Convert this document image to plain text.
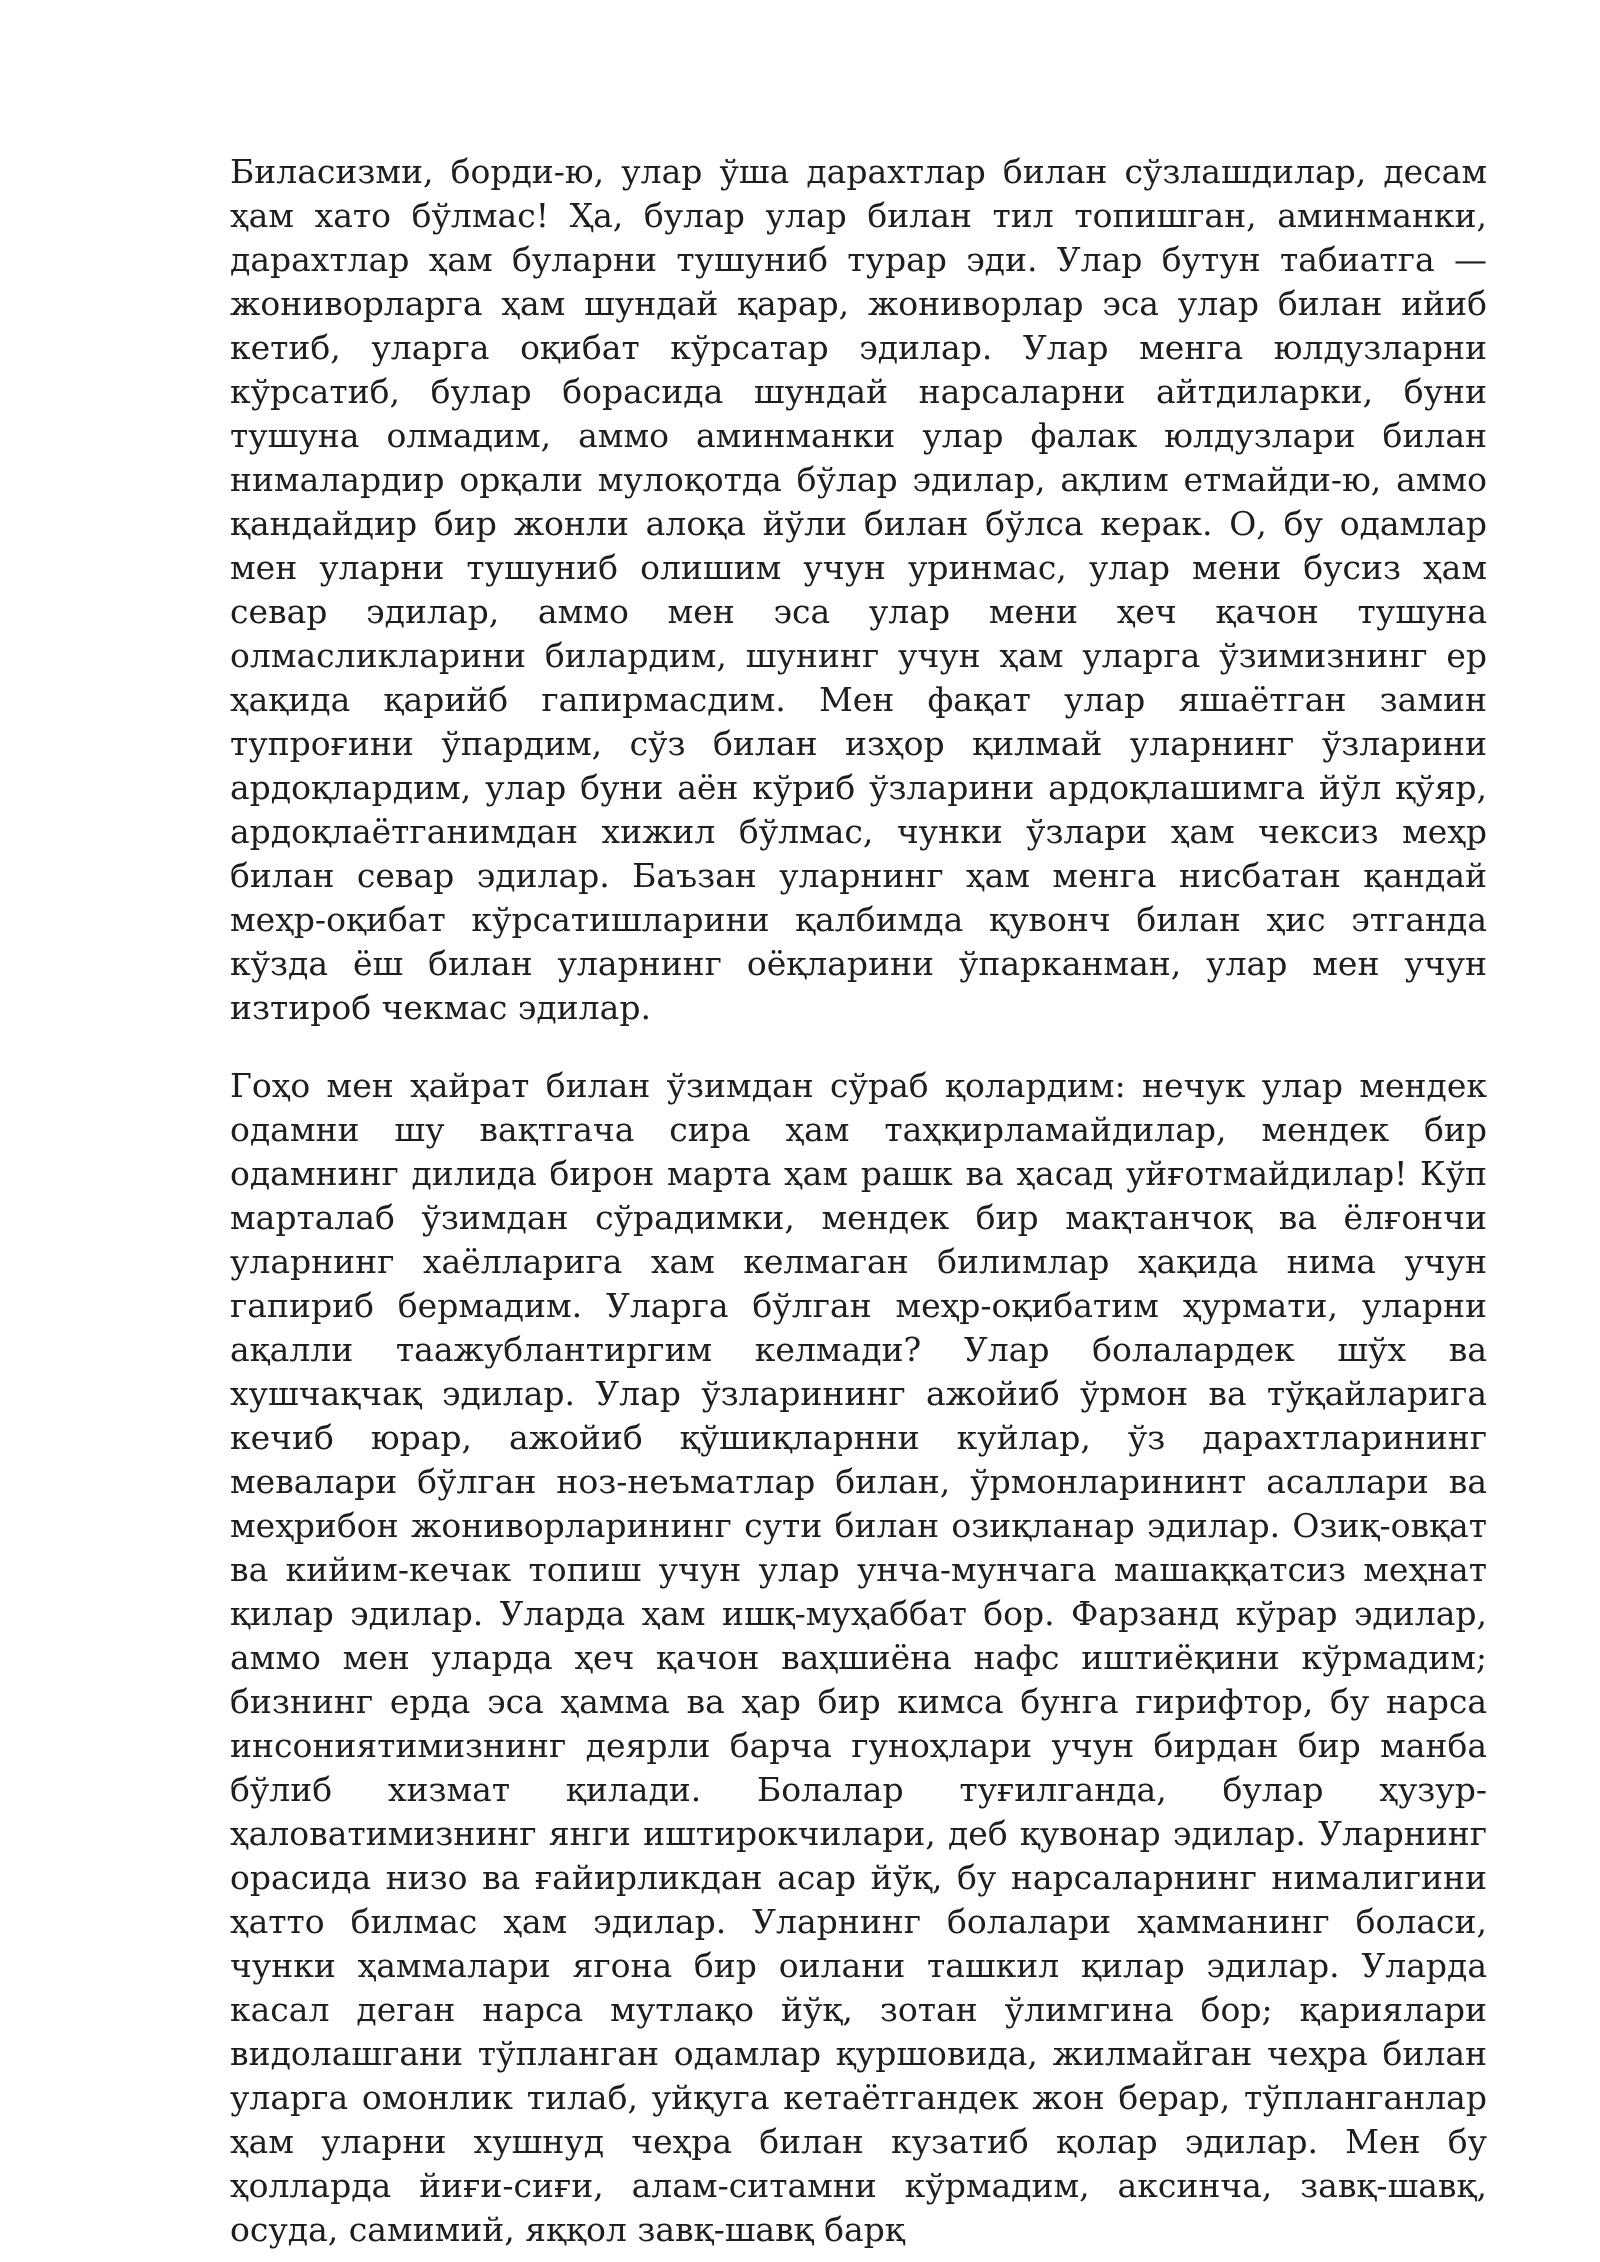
Биласизми, борди-ю, улар ўша дарахтлар билан сўзлашдилар, десам ҳам хато бўлмас! Ҳа, булар улар билан тил топишган, аминманки, дарахтлар ҳам буларни тушуниб турар эди. Улар бутун табиатга — жониворларга ҳам шундай қарар, жониворлар эса улар билан ийиб кетиб, уларга оқибат кўрсатар эдилар. Улар менга юлдузларни кўрсатиб, булар борасида шундай нарсаларни айтдиларки, буни тушуна олмадим, аммо аминманки улар фалак юлдузлари билан нималардир орқали мулоқотда бўлар эдилар, ақлим етмайди-ю, аммо қандайдир бир жонли алоқа йўли билан бўлса керак. О, бу одамлар мен уларни тушуниб олишим учун уринмас, улар мени бусиз ҳам севар эдилар, аммо мен эса улар мени ҳеч қачон тушуна олмасликларини билардим, шунинг учун ҳам уларга ўзимизнинг ер ҳақида қарийб гапирмасдим. Мен фақат улар яшаётган замин тупроғини ўпардим, сўз билан изҳор қилмай уларнинг ўзларини ардоқлардим, улар буни аён кўриб ўзларини ардоқлашимга йўл қўяр, ардоқлаётганимдан хижил бўлмас, чунки ўзлари ҳам чексиз меҳр билан севар эдилар. Баъзан уларнинг ҳам менга нисбатан қандай меҳр-оқибат кўрсатишларини қалбимда қувонч билан ҳис этганда кўзда ёш билан уларнинг оёқларини ўпарканман, улар мен учун изтироб чекмас эдилар.

Гоҳо мен ҳайрат билан ўзимдан сўраб қолардим: нечук улар мендек одамни шу вақтгача сира ҳам таҳқирламайдилар, мендек бир одамнинг дилида бирон марта ҳам рашк ва ҳасад уйғотмайдилар! Кўп марталаб ўзимдан сўрадимки, мендек бир мақтанчоқ ва ёлғончи уларнинг хаёлларига хам келмаган билимлар ҳақида нима учун гапириб бермадим. Уларга бўлган меҳр-оқибатим ҳурмати, уларни ақалли таажублантиргим келмади? Улар болалардек шўх ва хушчақчақ эдилар. Улар ўзларининг ажойиб ўрмон ва тўқайларига кечиб юрар, ажойиб қўшиқларнни куйлар, ўз дарахтларининг мевалари бўлган ноз-неъматлар билан, ўрмонларининт асаллари ва меҳрибон жониворларининг сути билан озиқланар эдилар. Озиқ-овқат ва кийим-кечак топиш учун улар унча-мунчага машаққатсиз меҳнат қилар эдилар. Уларда ҳам ишқ-муҳаббат бор. Фарзанд кўрар эдилар, аммо мен уларда ҳеч қачон ваҳшиёна нафс иштиёқини кўрмадим; бизнинг ерда эса ҳамма ва ҳар бир кимса бунга гирифтор, бу нарса инсониятимизнинг деярли барча гуноҳлари учун бирдан бир манба бўлиб хизмат қилади. Болалар туғилганда, булар ҳузур-ҳаловатимизнинг янги иштирокчилари, деб қувонар эдилар. Уларнинг орасида низо ва ғайирликдан асар йўқ, бу нарсаларнинг нималигини ҳатто билмас ҳам эдилар. Уларнинг болалари ҳамманинг боласи, чунки ҳаммалари ягона бир оилани ташкил қилар эдилар. Уларда касал деган нарса мутлақо йўқ, зотан ўлимгина бор; қариялари видолашгани тўпланган одамлар қуршовида, жилмайган чеҳра билан уларга омонлик тилаб, уйқуга кетаётгандек жон берар, тўпланганлар ҳам уларни хушнуд чеҳра билан кузатиб қолар эдилар. Мен бу ҳолларда йиғи-сиғи, алам-ситамни кўрмадим, аксинча, завқ-шавқ, осуда, самимий, яққол завқ-шавқ барқ
